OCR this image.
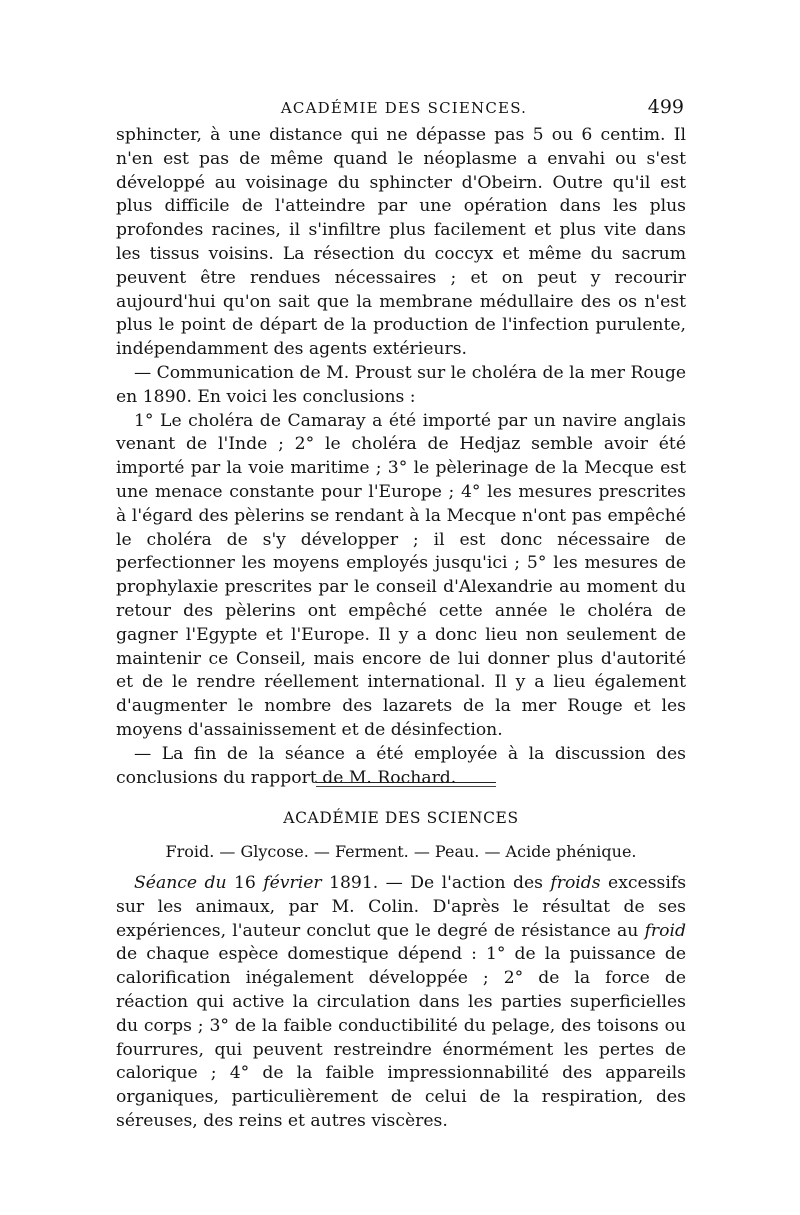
ACADÉMIE DES SCIENCES.	499

sphincter, à une distance qui ne dépasse pas 5 ou 6 centim. Il n'en est pas de même quand le néoplasme a envahi ou s'est développé au voisinage du sphincter d'Obeirn. Outre qu'il est plus difficile de l'atteindre par une opération dans les plus profondes racines, il s'infiltre plus facilement et plus vite dans les tissus voisins. La résection du coccyx et même du sacrum peuvent être rendues nécessaires ; et on peut y recourir aujourd'hui qu'on sait que la membrane médullaire des os n'est plus le point de départ de la production de l'infection purulente, indépendamment des agents extérieurs.

— Communication de M. Proust sur le choléra de la mer Rouge en 1890. En voici les conclusions :

1° Le choléra de Camaray a été importé par un navire anglais venant de l'Inde ; 2° le choléra de Hedjaz semble avoir été importé par la voie maritime ; 3° le pèlerinage de la Mecque est une menace constante pour l'Europe ; 4° les mesures prescrites à l'égard des pèlerins se rendant à la Mecque n'ont pas empêché le choléra de s'y développer ; il est donc nécessaire de perfectionner les moyens employés jusqu'ici ; 5° les mesures de prophylaxie prescrites par le conseil d'Alexandrie au moment du retour des pèlerins ont empêché cette année le choléra de gagner l'Egypte et l'Europe. Il y a donc lieu non seulement de maintenir ce Conseil, mais encore de lui donner plus d'autorité et de le rendre réellement international. Il y a lieu également d'augmenter le nombre des lazarets de la mer Rouge et les moyens d'assainissement et de désinfection.

— La fin de la séance a été employée à la discussion des conclusions du rapport de M. Rochard.

ACADÉMIE DES SCIENCES
Froid. — Glycose. — Ferment. — Peau. — Acide phénique.

Séance du 16 février 1891. — De l'action des froids excessifs sur les animaux, par M. Colin. D'après le résultat de ses expériences, l'auteur conclut que le degré de résistance au froid de chaque espèce domestique dépend : 1° de la puissance de calorification inégalement développée ; 2° de la force de réaction qui active la circulation dans les parties superficielles du corps ; 3° de la faible conductibilité du pelage, des toisons ou fourrures, qui peuvent restreindre énormément les pertes de calorique ; 4° de la faible impressionnabilité des appareils organiques, particulièrement de celui de la respiration, des séreuses, des reins et autres viscères.
